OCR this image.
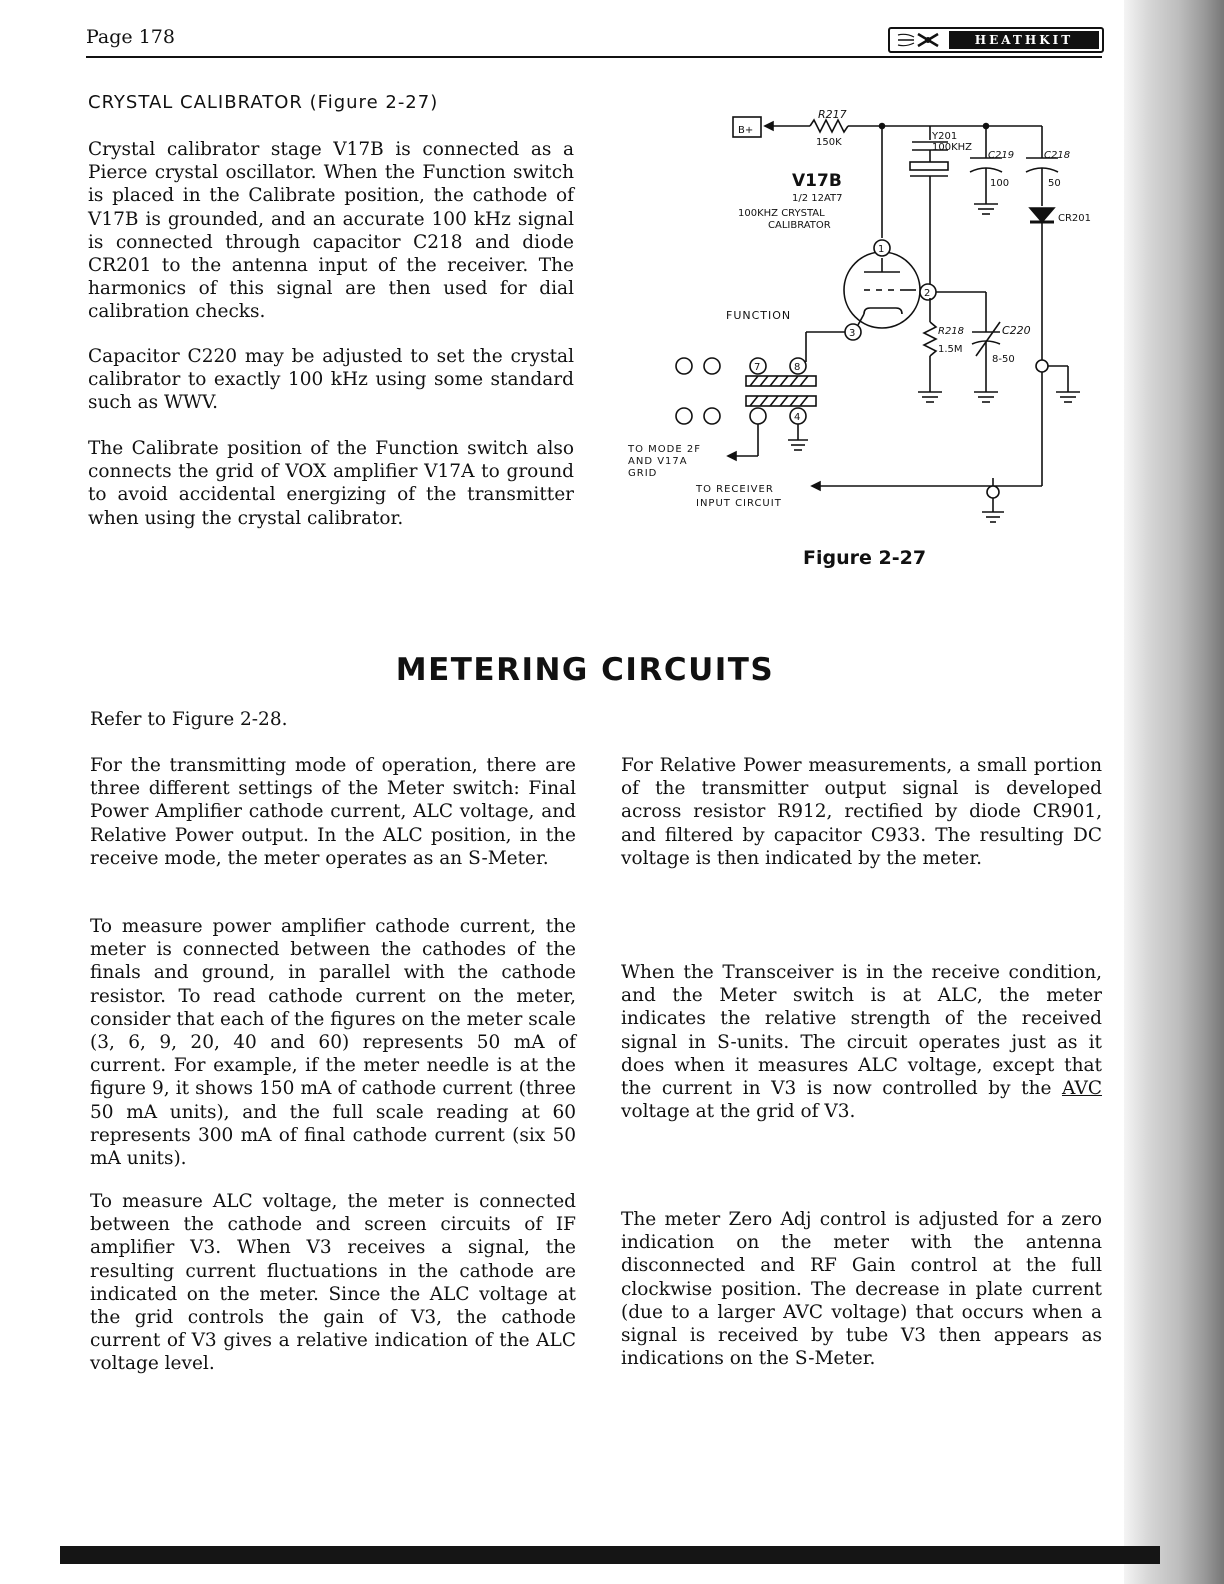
Page 178	HEATHKIT
CRYSTAL CALIBRATOR (Figure 2-27)

Crystal calibrator stage V17B is connected as a Pierce crystal oscillator. When the Function switch is placed in the Calibrate position, the cathode of V17B is grounded, and an accurate 100 kHz signal is connected through capacitor C218 and diode CR201 to the antenna input of the receiver. The harmonics of this signal are then used for dial calibration checks.

Capacitor C220 may be adjusted to set the crystal calibrator to exactly 100 kHz using some standard such as WWV.

The Calibrate position of the Function switch also connects the grid of VOX amplifier V17A to ground to avoid accidental energizing of the transmitter when using the crystal calibrator.

B+
R217
150K
V17B
1/2 12AT7
100KHZ CRYSTAL
CALIBRATOR
Y201
100KHZ
C219
100
C218
50
CR201
FUNCTION
R218
1.5M
C220
8-50
1
2
3
4
7	8
TO MODE 2F
AND V17A
GRID
TO RECEIVER
INPUT CIRCUIT
Figure 2-27
METERING CIRCUITS

Refer to Figure 2-28.

For the transmitting mode of operation, there are three different settings of the Meter switch: Final Power Amplifier cathode current, ALC voltage, and Relative Power output. In the ALC position, in the receive mode, the meter operates as an S-Meter.

To measure power amplifier cathode current, the meter is connected between the cathodes of the finals and ground, in parallel with the cathode resistor. To read cathode current on the meter, consider that each of the figures on the meter scale (3, 6, 9, 20, 40 and 60) represents 50 mA of current. For example, if the meter needle is at the figure 9, it shows 150 mA of cathode current (three 50 mA units), and the full scale reading at 60 represents 300 mA of final cathode current (six 50 mA units).

To measure ALC voltage, the meter is connected between the cathode and screen circuits of IF amplifier V3. When V3 receives a signal, the resulting current fluctuations in the cathode are indicated on the meter. Since the ALC voltage at the grid controls the gain of V3, the cathode current of V3 gives a relative indication of the ALC voltage level.

For Relative Power measurements, a small portion of the transmitter output signal is developed across resistor R912, rectified by diode CR901, and filtered by capacitor C933. The resulting DC voltage is then indicated by the meter.

When the Transceiver is in the receive condition, and the Meter switch is at ALC, the meter indicates the relative strength of the received signal in S-units. The circuit operates just as it does when it measures ALC voltage, except that the current in V3 is now controlled by the AVC voltage at the grid of V3.

The meter Zero Adj control is adjusted for a zero indication on the meter with the antenna disconnected and RF Gain control at the full clockwise position. The decrease in plate current (due to a larger AVC voltage) that occurs when a signal is received by tube V3 then appears as indications on the S-Meter.
